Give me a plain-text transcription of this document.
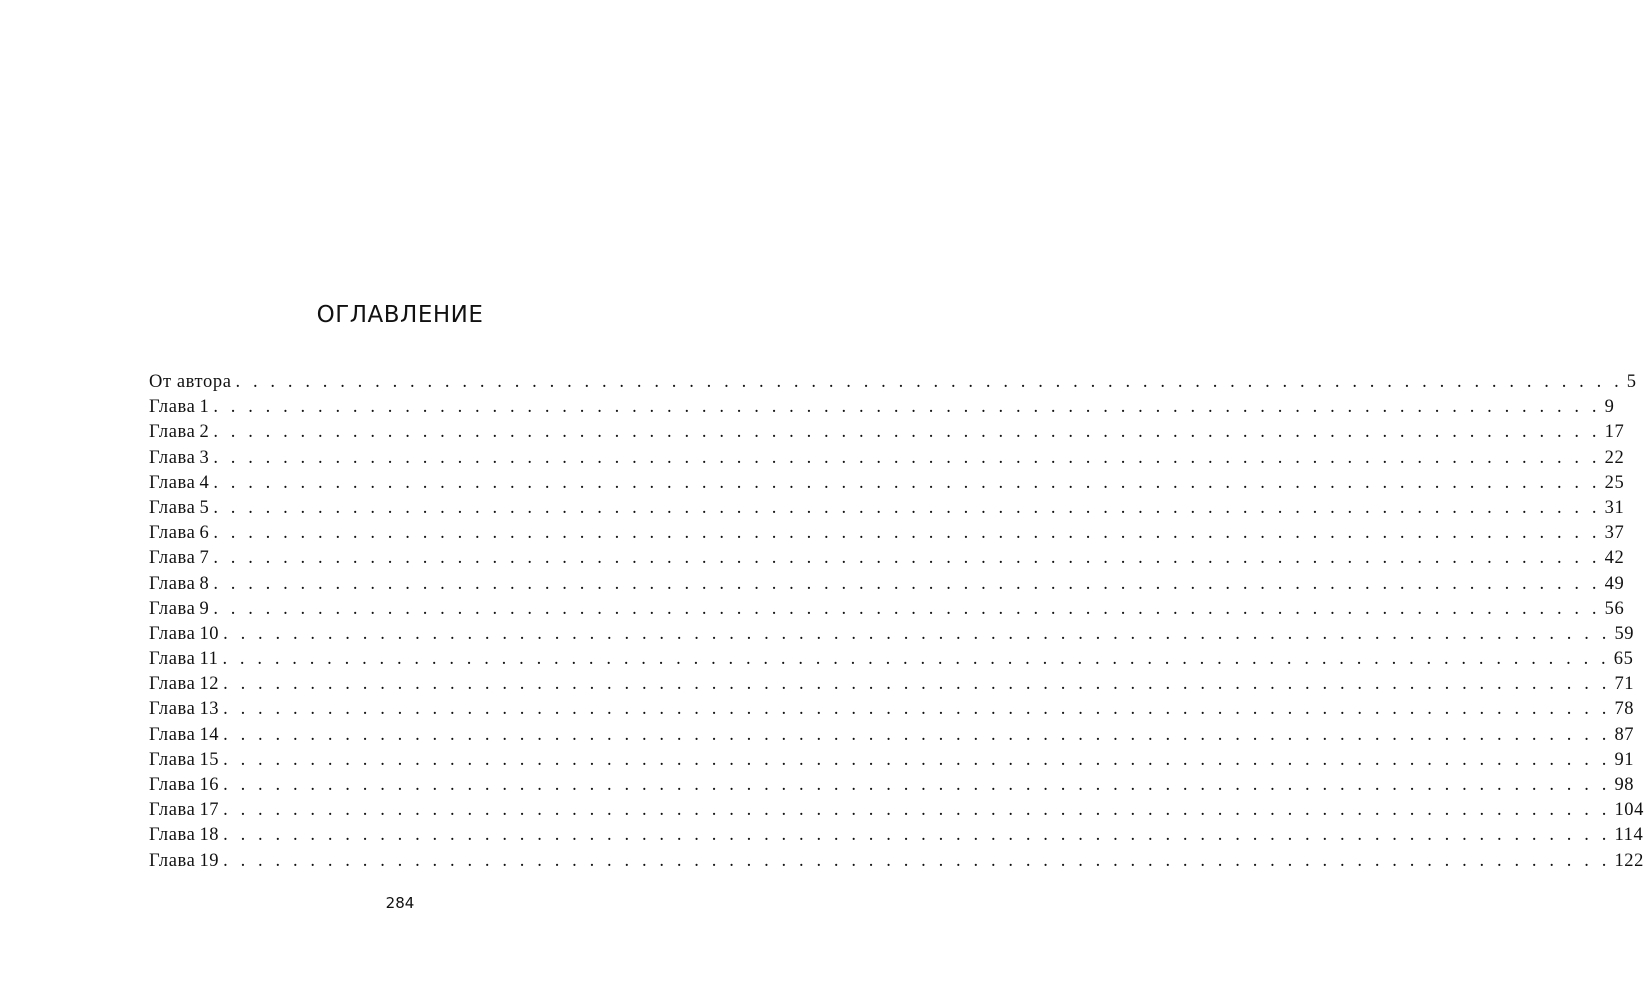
ОГЛАВЛЕНИЕ
От автора . . . . . . . . . . . . . . . . . . . . . . . . . . . . . . . . . . . . . . . . . . . . . . . . . . . . . . . . . . . . . . . . . . . . . . . . . . . . . . . . 5
Глава 1 . . . . . . . . . . . . . . . . . . . . . . . . . . . . . . . . . . . . . . . . . . . . . . . . . . . . . . . . . . . . . . . . . . . . . . . . . . . . . . . . 9
Глава 2 . . . . . . . . . . . . . . . . . . . . . . . . . . . . . . . . . . . . . . . . . . . . . . . . . . . . . . . . . . . . . . . . . . . . . . . . . . . . . . . . 17
Глава 3 . . . . . . . . . . . . . . . . . . . . . . . . . . . . . . . . . . . . . . . . . . . . . . . . . . . . . . . . . . . . . . . . . . . . . . . . . . . . . . . . 22
Глава 4 . . . . . . . . . . . . . . . . . . . . . . . . . . . . . . . . . . . . . . . . . . . . . . . . . . . . . . . . . . . . . . . . . . . . . . . . . . . . . . . . 25
Глава 5 . . . . . . . . . . . . . . . . . . . . . . . . . . . . . . . . . . . . . . . . . . . . . . . . . . . . . . . . . . . . . . . . . . . . . . . . . . . . . . . . 31
Глава 6 . . . . . . . . . . . . . . . . . . . . . . . . . . . . . . . . . . . . . . . . . . . . . . . . . . . . . . . . . . . . . . . . . . . . . . . . . . . . . . . . 37
Глава 7 . . . . . . . . . . . . . . . . . . . . . . . . . . . . . . . . . . . . . . . . . . . . . . . . . . . . . . . . . . . . . . . . . . . . . . . . . . . . . . . . 42
Глава 8 . . . . . . . . . . . . . . . . . . . . . . . . . . . . . . . . . . . . . . . . . . . . . . . . . . . . . . . . . . . . . . . . . . . . . . . . . . . . . . . . 49
Глава 9 . . . . . . . . . . . . . . . . . . . . . . . . . . . . . . . . . . . . . . . . . . . . . . . . . . . . . . . . . . . . . . . . . . . . . . . . . . . . . . . . 56
Глава 10 . . . . . . . . . . . . . . . . . . . . . . . . . . . . . . . . . . . . . . . . . . . . . . . . . . . . . . . . . . . . . . . . . . . . . . . . . . . . . . . . 59
Глава 11 . . . . . . . . . . . . . . . . . . . . . . . . . . . . . . . . . . . . . . . . . . . . . . . . . . . . . . . . . . . . . . . . . . . . . . . . . . . . . . . . 65
Глава 12 . . . . . . . . . . . . . . . . . . . . . . . . . . . . . . . . . . . . . . . . . . . . . . . . . . . . . . . . . . . . . . . . . . . . . . . . . . . . . . . . 71
Глава 13 . . . . . . . . . . . . . . . . . . . . . . . . . . . . . . . . . . . . . . . . . . . . . . . . . . . . . . . . . . . . . . . . . . . . . . . . . . . . . . . . 78
Глава 14 . . . . . . . . . . . . . . . . . . . . . . . . . . . . . . . . . . . . . . . . . . . . . . . . . . . . . . . . . . . . . . . . . . . . . . . . . . . . . . . . 87
Глава 15 . . . . . . . . . . . . . . . . . . . . . . . . . . . . . . . . . . . . . . . . . . . . . . . . . . . . . . . . . . . . . . . . . . . . . . . . . . . . . . . . 91
Глава 16 . . . . . . . . . . . . . . . . . . . . . . . . . . . . . . . . . . . . . . . . . . . . . . . . . . . . . . . . . . . . . . . . . . . . . . . . . . . . . . . . 98
Глава 17 . . . . . . . . . . . . . . . . . . . . . . . . . . . . . . . . . . . . . . . . . . . . . . . . . . . . . . . . . . . . . . . . . . . . . . . . . . . . . . . . 104
Глава 18 . . . . . . . . . . . . . . . . . . . . . . . . . . . . . . . . . . . . . . . . . . . . . . . . . . . . . . . . . . . . . . . . . . . . . . . . . . . . . . . . 114
Глава 19 . . . . . . . . . . . . . . . . . . . . . . . . . . . . . . . . . . . . . . . . . . . . . . . . . . . . . . . . . . . . . . . . . . . . . . . . . . . . . . . . 122
284
